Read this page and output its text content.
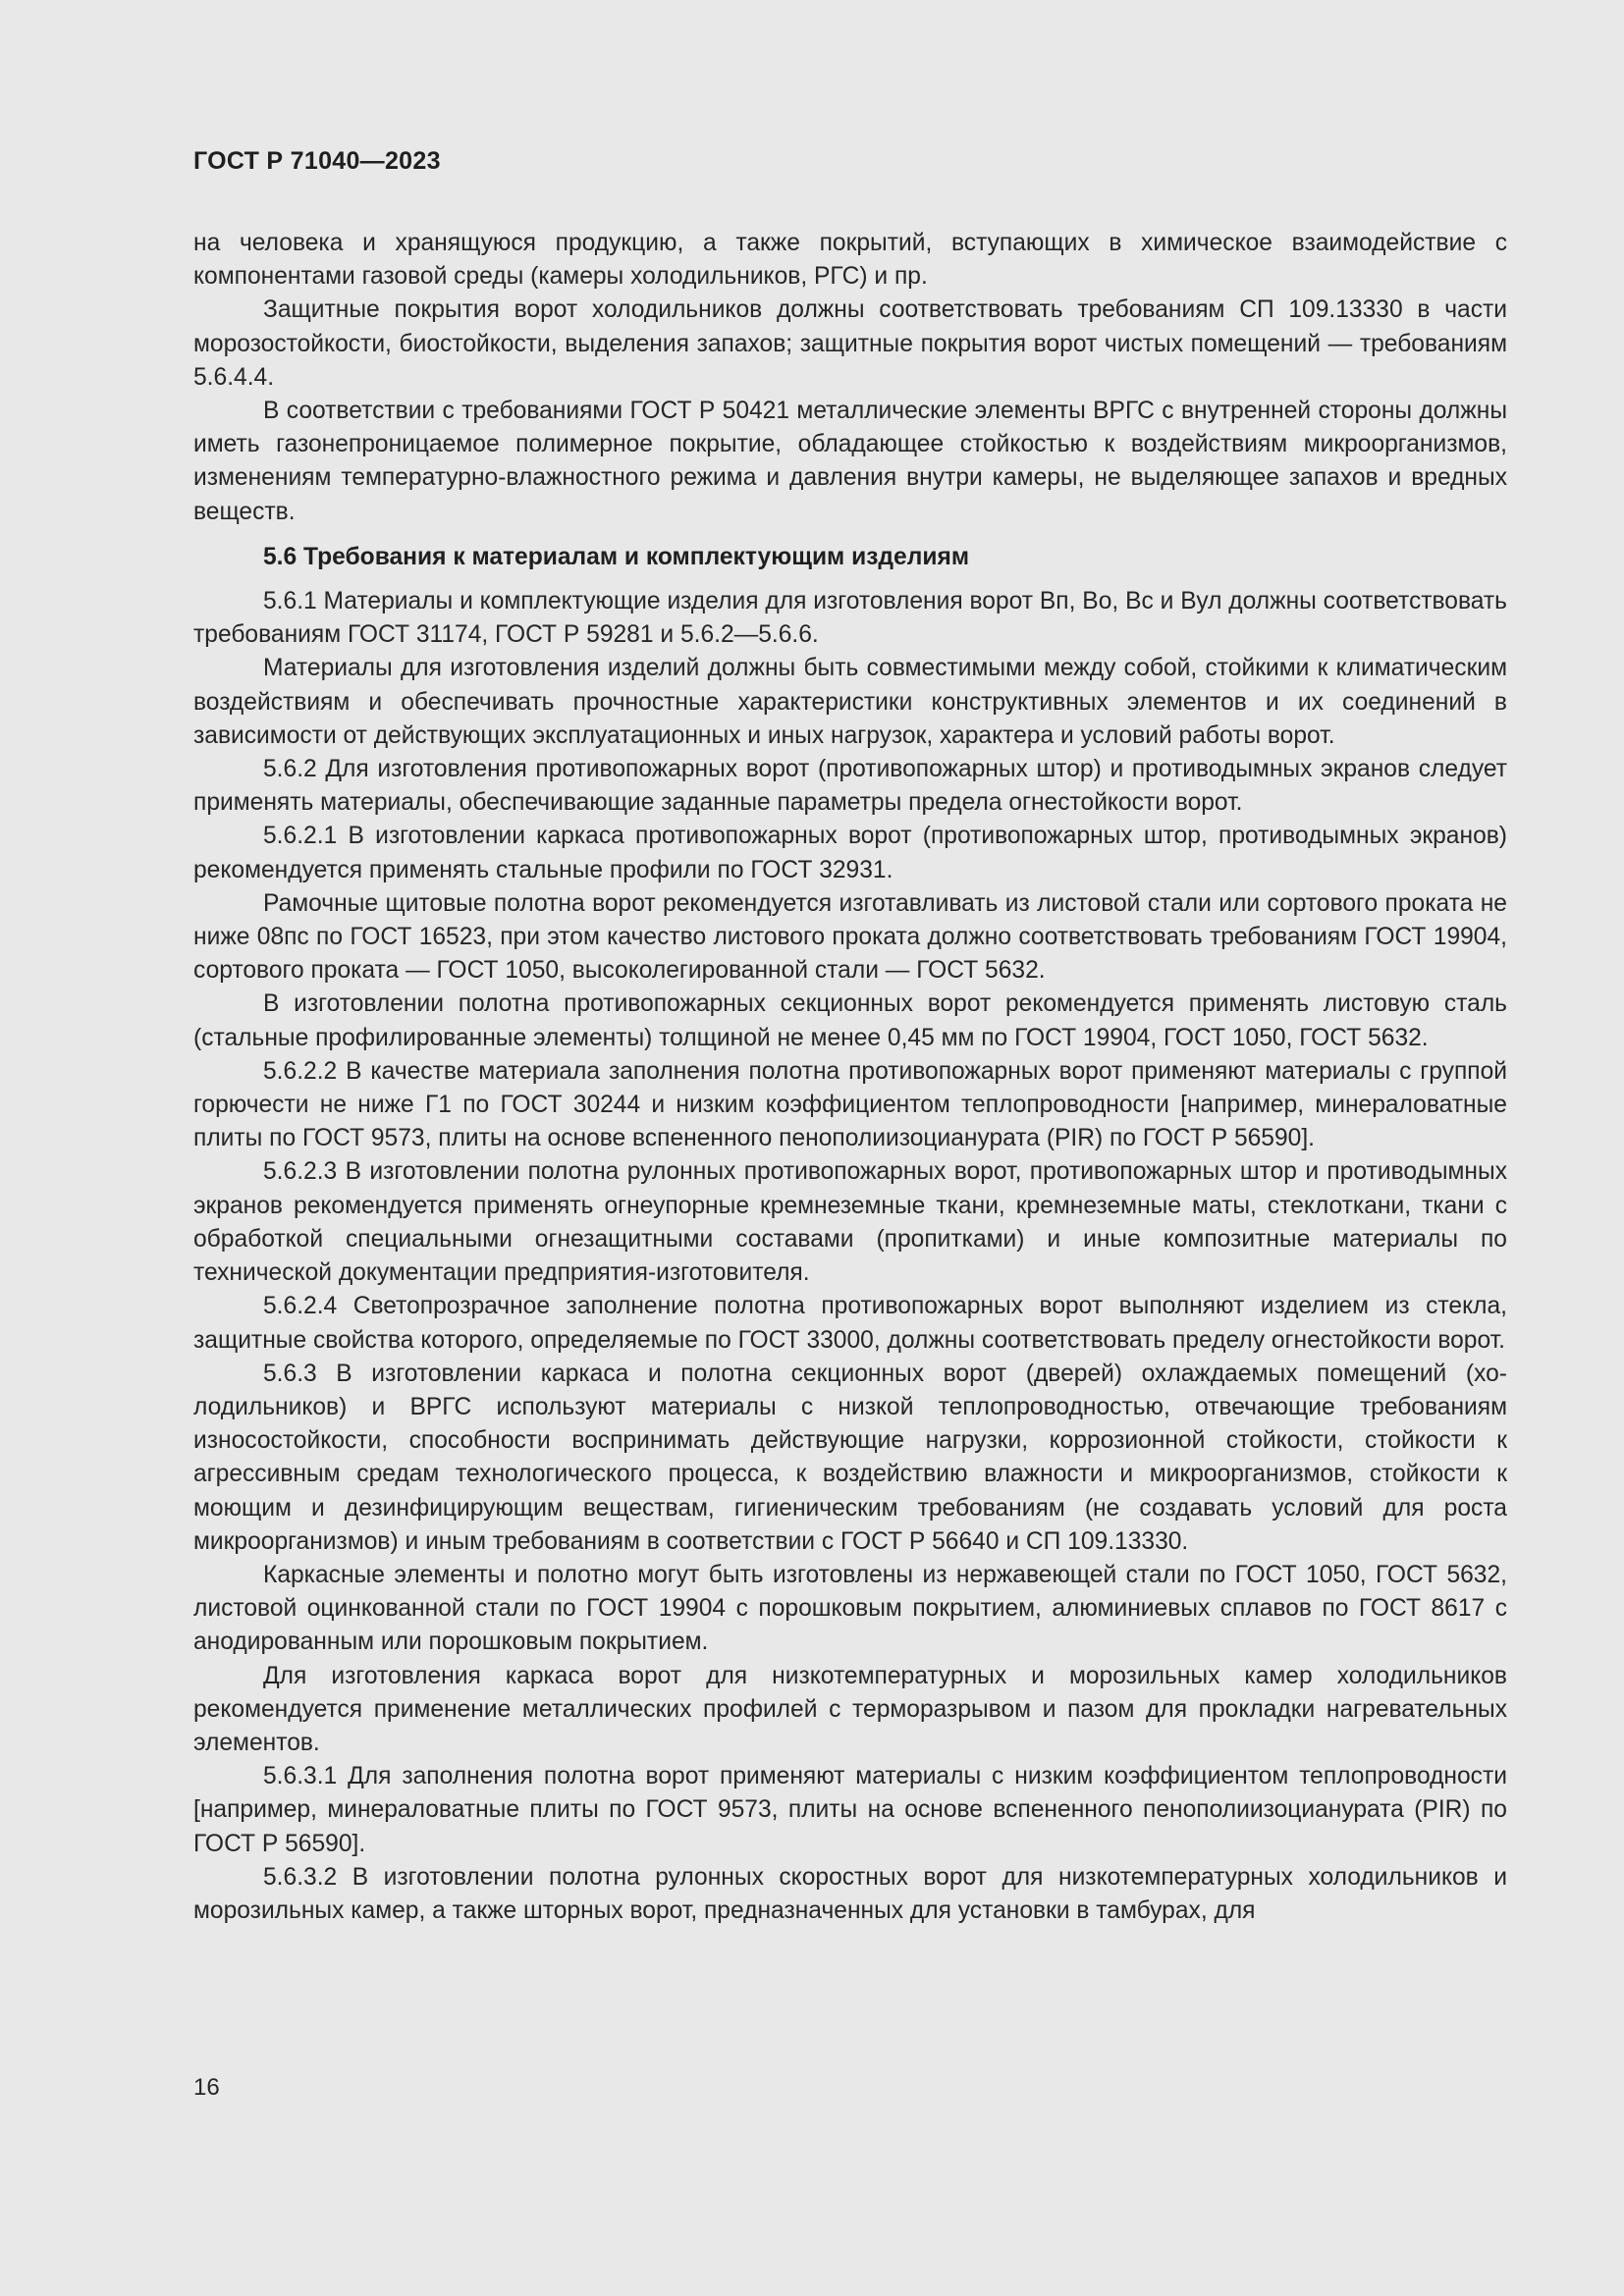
ГОСТ Р 71040—2023

на человека и хранящуюся продукцию, а также покрытий, вступающих в химическое взаимодействие с компонентами газовой среды (камеры холодильников, РГС) и пр.

Защитные покрытия ворот холодильников должны соответствовать требованиям СП 109.13330 в части морозостойкости, биостойкости, выделения запахов; защитные покрытия ворот чистых помещений — требованиям 5.6.4.4.

В соответствии с требованиями ГОСТ Р 50421 металлические элементы ВРГС с внутренней стороны должны иметь газонепроницаемое полимерное покрытие, обладающее стойкостью к воздействиям микроорганизмов, изменениям температурно-влажностного режима и давления внутри камеры, не выделяющее запахов и вредных веществ.

5.6 Требования к материалам и комплектующим изделиям

5.6.1 Материалы и комплектующие изделия для изготовления ворот Вп, Во, Вс и Вул должны соответствовать требованиям ГОСТ 31174, ГОСТ Р 59281 и 5.6.2—5.6.6.

Материалы для изготовления изделий должны быть совместимыми между собой, стойкими к климатическим воздействиям и обеспечивать прочностные характеристики конструктивных элементов и их соединений в зависимости от действующих эксплуатационных и иных нагрузок, характера и условий работы ворот.

5.6.2 Для изготовления противопожарных ворот (противопожарных штор) и противодымных экранов следует применять материалы, обеспечивающие заданные параметры предела огнестойкости ворот.

5.6.2.1 В изготовлении каркаса противопожарных ворот (противопожарных штор, противодымных экранов) рекомендуется применять стальные профили по ГОСТ 32931.

Рамочные щитовые полотна ворот рекомендуется изготавливать из листовой стали или сортового проката не ниже 08пс по ГОСТ 16523, при этом качество листового проката должно соответствовать требованиям ГОСТ 19904, сортового проката — ГОСТ 1050, высоколегированной стали — ГОСТ 5632.

В изготовлении полотна противопожарных секционных ворот рекомендуется применять листовую сталь (стальные профилированные элементы) толщиной не менее 0,45 мм по ГОСТ 19904, ГОСТ 1050, ГОСТ 5632.

5.6.2.2 В качестве материала заполнения полотна противопожарных ворот применяют материалы с группой горючести не ниже Г1 по ГОСТ 30244 и низким коэффициентом теплопроводности [например, минераловатные плиты по ГОСТ 9573, плиты на основе вспененного пенополиизоцианурата (PIR) по ГОСТ Р 56590].

5.6.2.3 В изготовлении полотна рулонных противопожарных ворот, противопожарных штор и противодымных экранов рекомендуется применять огнеупорные кремнеземные ткани, кремнеземные маты, стеклоткани, ткани с обработкой специальными огнезащитными составами (пропитками) и иные композитные материалы по технической документации предприятия-изготовителя.

5.6.2.4 Светопрозрачное заполнение полотна противопожарных ворот выполняют изделием из стекла, защитные свойства которого, определяемые по ГОСТ 33000, должны соответствовать пределу огнестойкости ворот.

5.6.3 В изготовлении каркаса и полотна секционных ворот (дверей) охлаждаемых помещений (холодильников) и ВРГС используют материалы с низкой теплопроводностью, отвечающие требованиям износостойкости, способности воспринимать действующие нагрузки, коррозионной стойкости, стойкости к агрессивным средам технологического процесса, к воздействию влажности и микроорганизмов, стойкости к моющим и дезинфицирующим веществам, гигиеническим требованиям (не создавать условий для роста микроорганизмов) и иным требованиям в соответствии с ГОСТ Р 56640 и СП 109.13330.

Каркасные элементы и полотно могут быть изготовлены из нержавеющей стали по ГОСТ 1050, ГОСТ 5632, листовой оцинкованной стали по ГОСТ 19904 с порошковым покрытием, алюминиевых сплавов по ГОСТ 8617 с анодированным или порошковым покрытием.

Для изготовления каркаса ворот для низкотемпературных и морозильных камер холодильников рекомендуется применение металлических профилей с терморазрывом и пазом для прокладки нагревательных элементов.

5.6.3.1 Для заполнения полотна ворот применяют материалы с низким коэффициентом теплопроводности [например, минераловатные плиты по ГОСТ 9573, плиты на основе вспененного пенополиизоцианурата (PIR) по ГОСТ Р 56590].

5.6.3.2 В изготовлении полотна рулонных скоростных ворот для низкотемпературных холодильников и морозильных камер, а также шторных ворот, предназначенных для установки в тамбурах, для

16
